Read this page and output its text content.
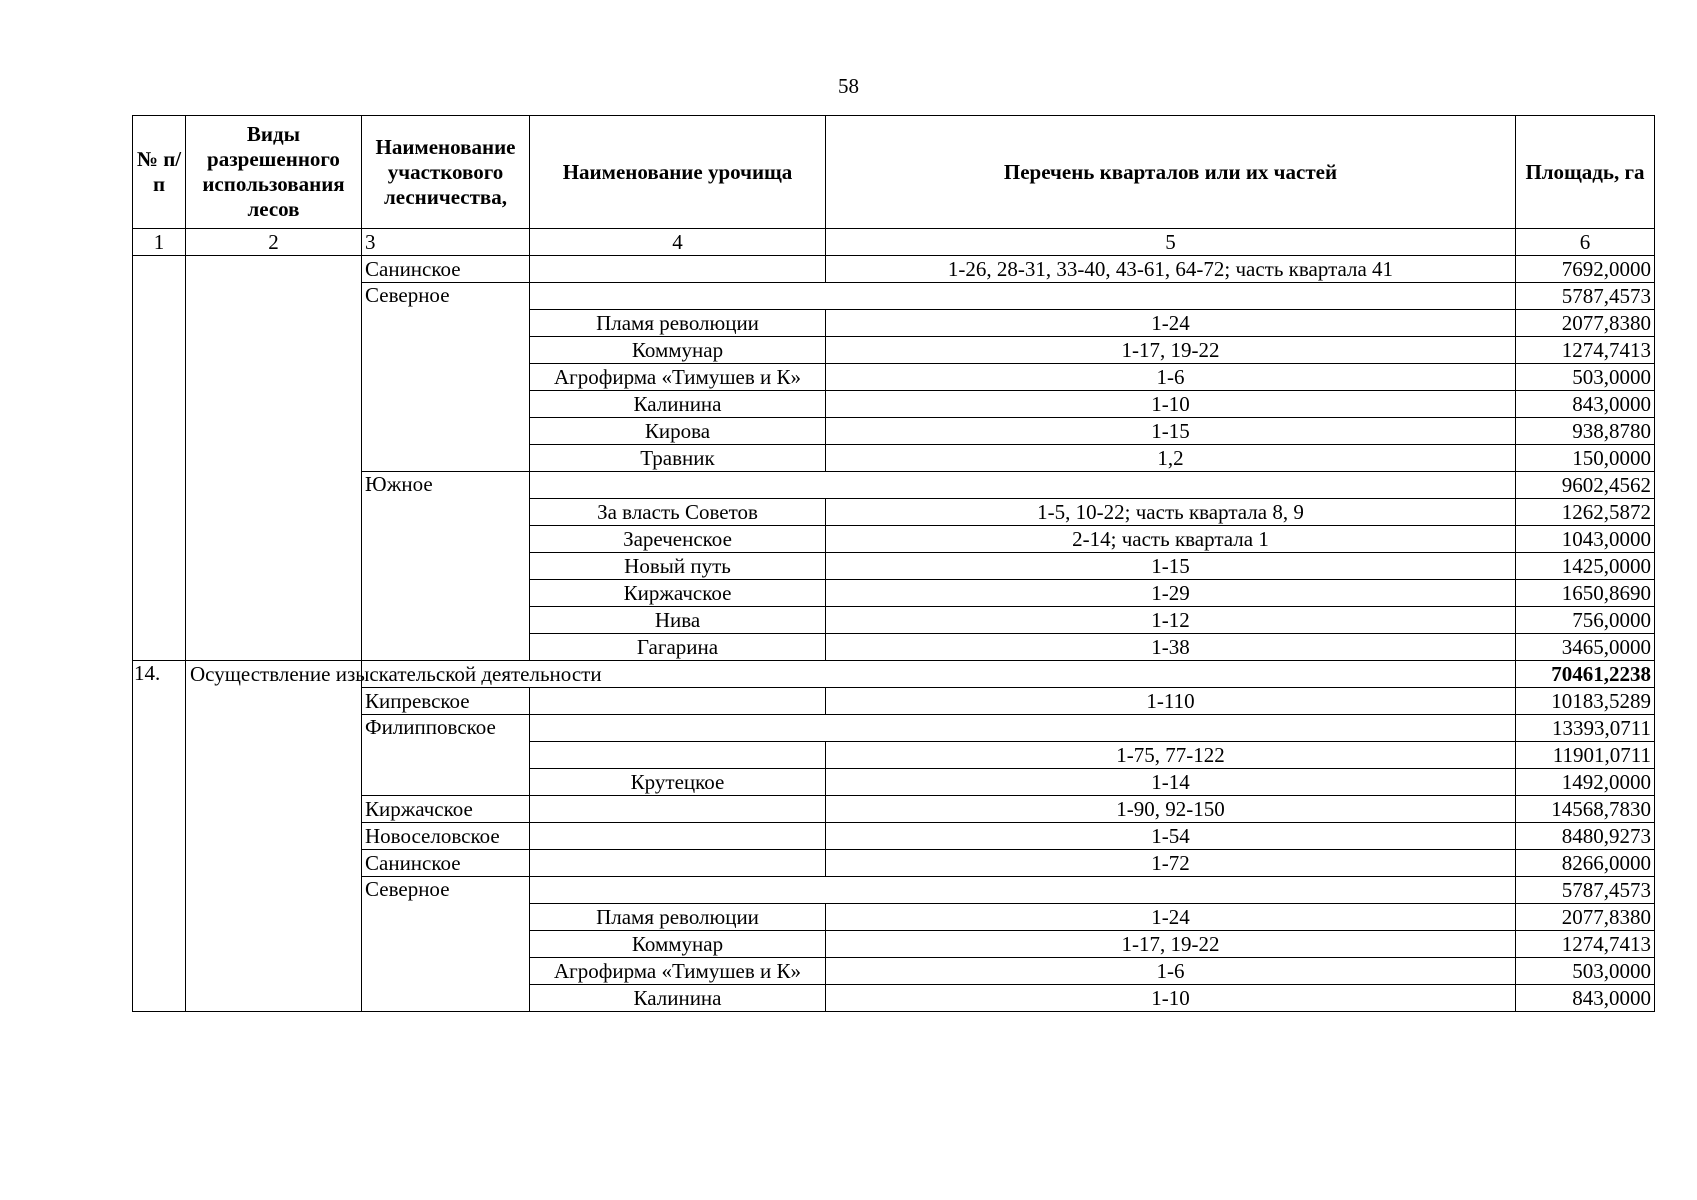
58
№ п/п	Виды разрешенного использования лесов	Наименование участкового лесничества,	Наименование урочища	Перечень кварталов или их частей	Площадь, га
1	2	3	4	5	6
		Санинское		1-26, 28-31, 33-40, 43-61, 64-72; часть квартала 41	7692,0000
		Северное			5787,4573
			Пламя революции	1-24	2077,8380
			Коммунар	1-17, 19-22	1274,7413
			Агрофирма «Тимушев и К»	1-6	503,0000
			Калинина	1-10	843,0000
			Кирова	1-15	938,8780
			Травник	1,2	150,0000
		Южное			9602,4562
			За власть Советов	1-5, 10-22; часть квартала 8, 9	1262,5872
			Зареченское	2-14; часть квартала 1	1043,0000
			Новый путь	1-15	1425,0000
			Киржачское	1-29	1650,8690
			Нива	1-12	756,0000
			Гагарина	1-38	3465,0000
14.	Осуществление изыскательской деятельности				70461,2238
		Кипревское		1-110	10183,5289
		Филипповское			13393,0711
				1-75, 77-122	11901,0711
			Крутецкое	1-14	1492,0000
		Киржачское		1-90, 92-150	14568,7830
		Новоселовское		1-54	8480,9273
		Санинское		1-72	8266,0000
		Северное			5787,4573
			Пламя революции	1-24	2077,8380
			Коммунар	1-17, 19-22	1274,7413
			Агрофирма «Тимушев и К»	1-6	503,0000
			Калинина	1-10	843,0000
